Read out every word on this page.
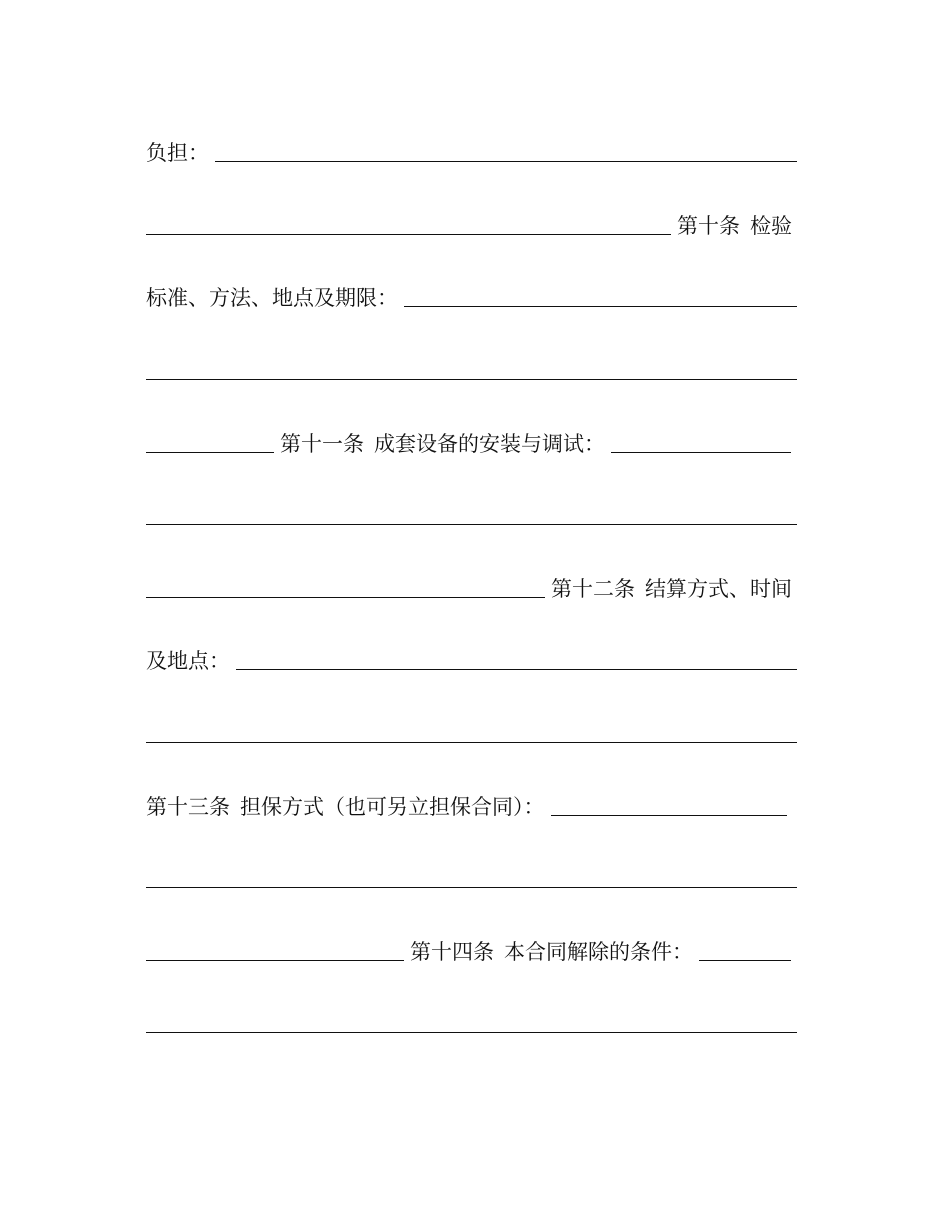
负担：
第十条 检验
标准、方法、地点及期限：
第十一条 成套设备的安装与调试：
第十二条 结算方式、时间
及地点：
第十三条 担保方式（也可另立担保合同）：
第十四条 本合同解除的条件：
